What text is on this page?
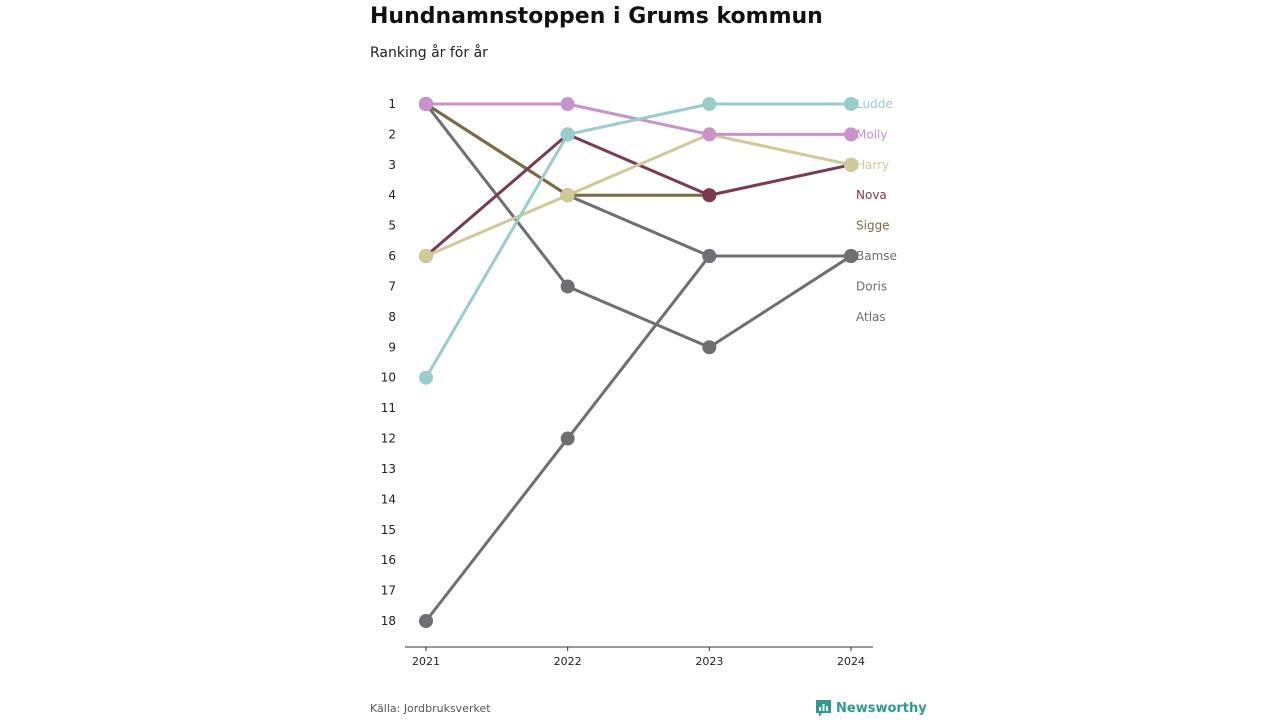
Hundnamnstoppen i Grums kommun

Ranking år för år

1
2
3
4
5
6
7
8
9
10
11
12
13
14
15
16
17
18
2021	2022	2023	2024
Ludde
Molly
Harry
Nova
Sigge
Bamse
Doris
Atlas
Källa: Jordbruksverket	Newsworthy
